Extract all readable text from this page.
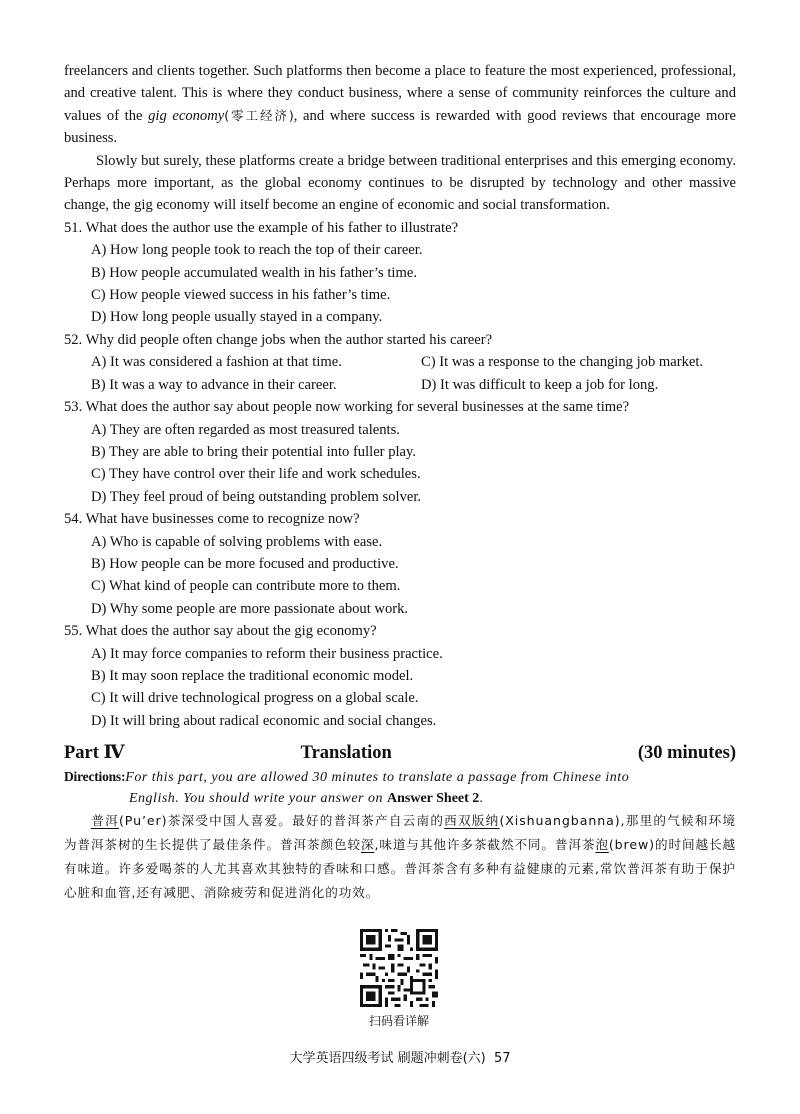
freelancers and clients together. Such platforms then become a place to feature the most experienced, professional, and creative talent. This is where they conduct business, where a sense of community reinforces the culture and values of the gig economy(零工经济), and where success is rewarded with good reviews that encourage more business.

Slowly but surely, these platforms create a bridge between traditional enterprises and this emerging economy. Perhaps more important, as the global economy continues to be disrupted by technology and other massive change, the gig economy will itself become an engine of economic and social transformation.

51. What does the author use the example of his father to illustrate?

A) How long people took to reach the top of their career.

B) How people accumulated wealth in his father’s time.

C) How people viewed success in his father’s time.

D) How long people usually stayed in a company.

52. Why did people often change jobs when the author started his career?

A) It was considered a fashion at that time.	C) It was a response to the changing job market.
B) It was a way to advance in their career.	D) It was difficult to keep a job for long.

53. What does the author say about people now working for several businesses at the same time?

A) They are often regarded as most treasured talents.

B) They are able to bring their potential into fuller play.

C) They have control over their life and work schedules.

D) They feel proud of being outstanding problem solver.

54. What have businesses come to recognize now?

A) Who is capable of solving problems with ease.

B) How people can be more focused and productive.

C) What kind of people can contribute more to them.

D) Why some people are more passionate about work.

55. What does the author say about the gig economy?

A) It may force companies to reform their business practice.

B) It may soon replace the traditional economic model.

C) It will drive technological progress on a global scale.

D) It will bring about radical economic and social changes.

Part Ⅳ	Translation	(30 minutes)

Directions:For this part, you are allowed 30 minutes to translate a passage from Chinese into
English. You should write your answer on Answer Sheet 2.

普洱(Pu’er)茶深受中国人喜爱。最好的普洱茶产自云南的西双版纳(Xishuangbanna),那里的气候和环境为普洱茶树的生长提供了最佳条件。普洱茶颜色较深,味道与其他许多茶截然不同。普洱茶泡(brew)的时间越长越有味道。许多爱喝茶的人尤其喜欢其独特的香味和口感。普洱茶含有多种有益健康的元素,常饮普洱茶有助于保护心脏和血管,还有减肥、消除疲劳和促进消化的功效。

扫码看详解
大学英语四级考试 刷题冲刺卷(六) 57
